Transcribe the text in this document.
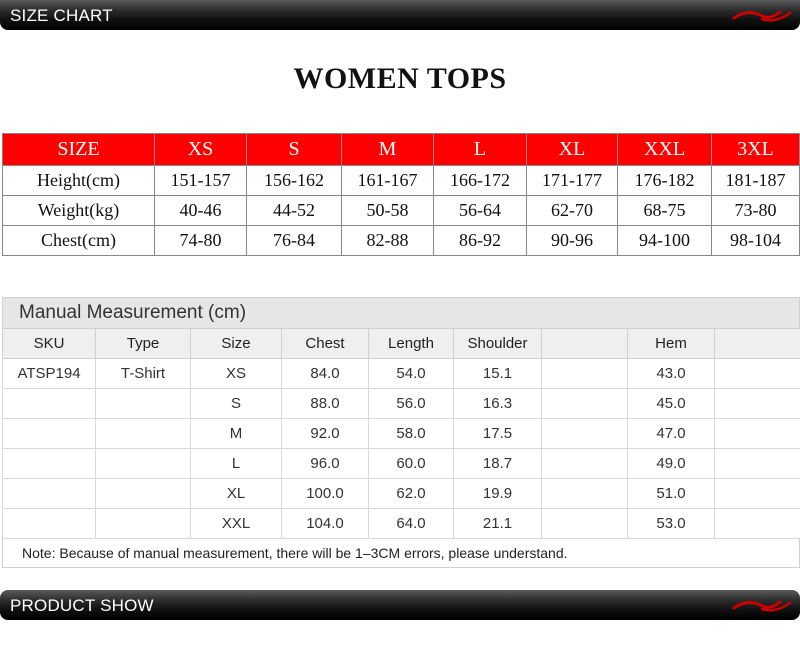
SIZE CHART
WOMEN TOPS
SIZE	XS	S	M	L	XL	XXL	3XL
Height(cm)	151-157	156-162	161-167	166-172	171-177	176-182	181-187
Weight(kg)	40-46	44-52	50-58	56-64	62-70	68-75	73-80
Chest(cm)	74-80	76-84	82-88	86-92	90-96	94-100	98-104
Manual Measurement (cm)
SKU	Type	Size	Chest	Length	Shoulder		Hem	
ATSP194	T-Shirt	XS	84.0	54.0	15.1		43.0	
		S	88.0	56.0	16.3		45.0	
		M	92.0	58.0	17.5		47.0	
		L	96.0	60.0	18.7		49.0	
		XL	100.0	62.0	19.9		51.0	
		XXL	104.0	64.0	21.1		53.0	
Note: Because of manual measurement, there will be 1–3CM errors, please understand.
PRODUCT SHOW
